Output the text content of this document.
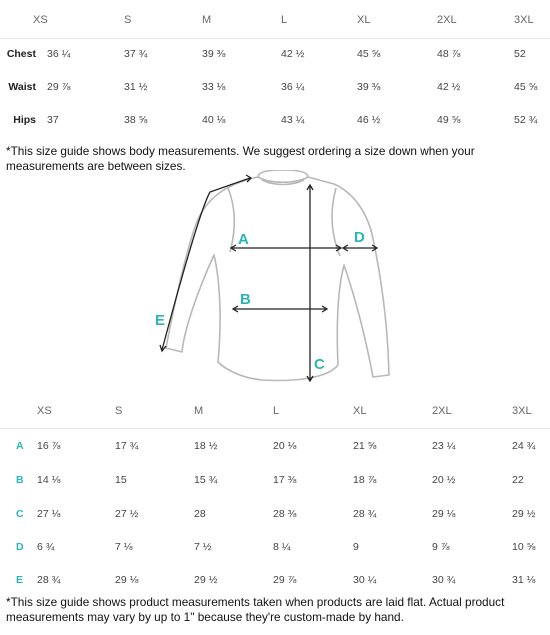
XS	S	M	L	XL	2XL	3XL
Chest 36 ¼	37 ¾	39 ⅜	42 ½	45 ⅝	48 ⅞	52
Waist 29 ⅞	31 ½	33 ⅛	36 ¼	39 ⅜	42 ½	45 ⅝
Hips 37	38 ⅝	40 ⅛	43 ¼	46 ½	49 ⅝	52 ¾
*This size guide shows body measurements. We suggest ordering a size down when your measurements are between sizes.
A
B
C
D
E
XS	S	M	L	XL	2XL	3XL
A 16 ⅞	17 ¾	18 ½	20 ⅛	21 ⅝	23 ¼	24 ¾
B 14 ⅛	15	15 ¾	17 ⅜	18 ⅞	20 ½	22
C 27 ⅛	27 ½	28	28 ⅜	28 ¾	29 ⅛	29 ½
D 6 ¾	7 ⅛	7 ½	8 ¼	9	9 ⅞	10 ⅝
E 28 ¾	29 ⅛	29 ½	29 ⅞	30 ¼	30 ¾	31 ⅛
*This size guide shows product measurements taken when products are laid flat. Actual product measurements may vary by up to 1" because they're custom-made by hand.
